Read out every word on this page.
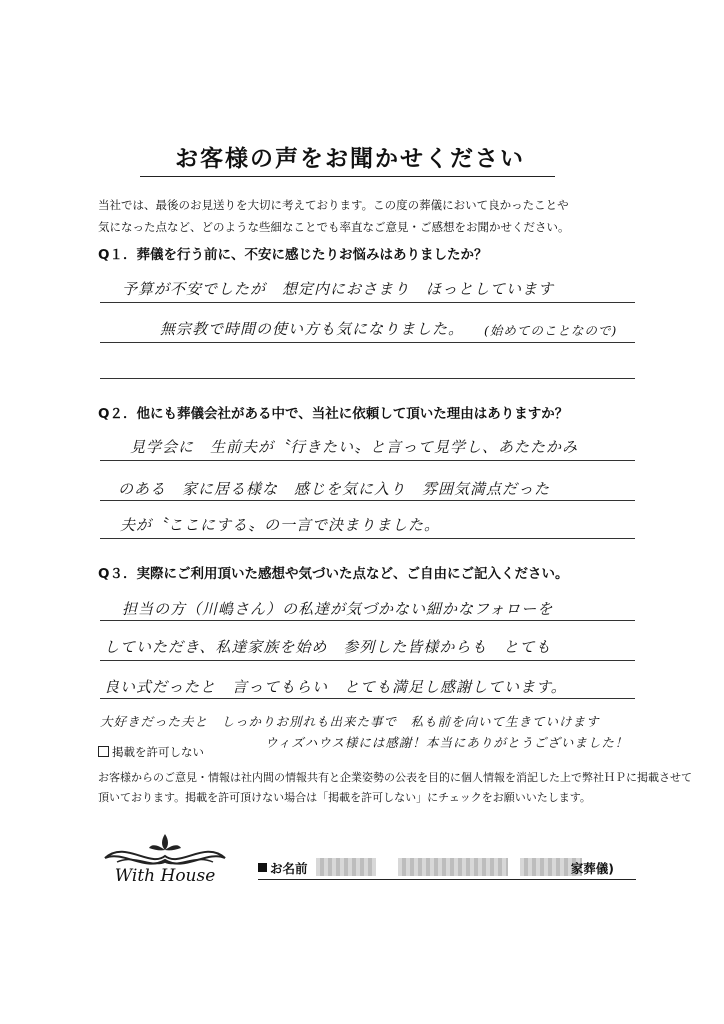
お客様の声をお聞かせください
当社では、最後のお見送りを大切に考えております。この度の葬儀において良かったことや
気になった点など、どのような些細なことでも率直なご意見・ご感想をお聞かせください。
Q１．葬儀を行う前に、不安に感じたりお悩みはありましたか？
予算が不安でしたが　想定内におさまり　ほっとしています
無宗教で時間の使い方も気になりました。 (始めてのことなので)
Q２．他にも葬儀会社がある中で、当社に依頼して頂いた理由はありますか？
見学会に　生前夫が〝行きたい〟と言って見学し、あたたかみ
のある　家に居る様な　感じを気に入り　雰囲気満点だった
夫が〝ここにする〟の一言で決まりました。
Q３．実際にご利用頂いた感想や気づいた点など、ご自由にご記入ください。
担当の方（川嶋さん）の私達が気づかない細かなフォローを
していただき、私達家族を始め　参列した皆様からも　とても
良い式だったと　言ってもらい　とても満足し感謝しています。
大好きだった夫と　しっかりお別れも出来た事で　私も前を向いて生きていけます
ウィズハウス様には感謝！本当にありがとうございました！
掲載を許可しない
お客様からのご意見・情報は社内間の情報共有と企業姿勢の公表を目的に個人情報を消記した上で弊社ＨＰに掲載させて
頂いております。掲載を許可頂けない場合は「掲載を許可しない」にチェックをお願いいたします。
With House	お名前	家葬儀)
